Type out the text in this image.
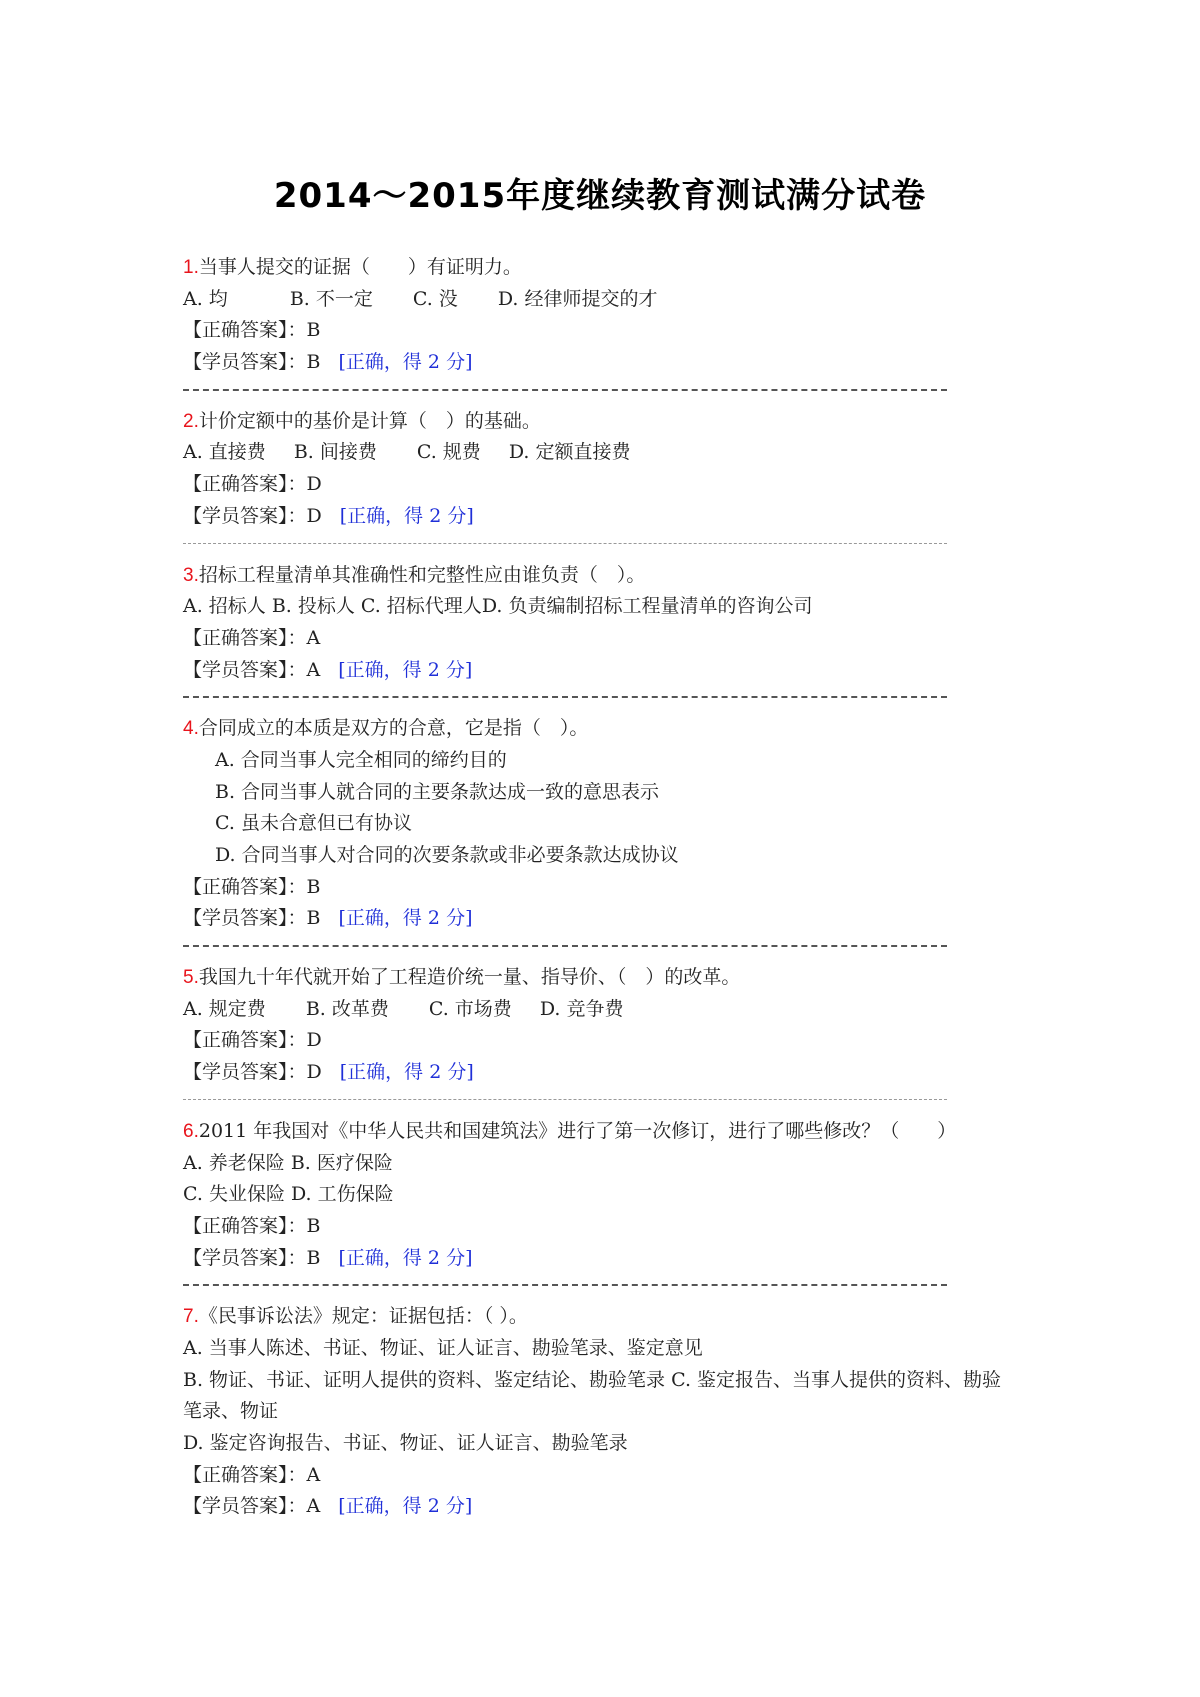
2014～2015年度继续教育测试满分试卷
1.当事人提交的证据（　　）有证明力。
A. 均	B. 不一定 C. 没 D. 经律师提交的才
【正确答案】：B
【学员答案】：B [正确，得 2 分]
2.计价定额中的基价是计算（　）的基础。
A. 直接费 B. 间接费 C. 规费 D. 定额直接费
【正确答案】：D
【学员答案】：D [正确，得 2 分]
3.招标工程量清单其准确性和完整性应由谁负责（　）。
A. 招标人 B. 投标人 C. 招标代理人D. 负责编制招标工程量清单的咨询公司
【正确答案】：A
【学员答案】：A [正确，得 2 分]
4.合同成立的本质是双方的合意，它是指（　）。
A. 合同当事人完全相同的缔约目的
B. 合同当事人就合同的主要条款达成一致的意思表示
C. 虽未合意但已有协议
D. 合同当事人对合同的次要条款或非必要条款达成协议
【正确答案】：B
【学员答案】：B [正确，得 2 分]
5.我国九十年代就开始了工程造价统一量、指导价、（　）的改革。
A. 规定费 B. 改革费 C. 市场费 D. 竞争费
【正确答案】：D
【学员答案】：D [正确，得 2 分]
6.2011 年我国对《中华人民共和国建筑法》进行了第一次修订，进行了哪些修改？（　　）
A. 养老保险 B. 医疗保险
C. 失业保险 D. 工伤保险
【正确答案】：B
【学员答案】：B [正确，得 2 分]
7.《民事诉讼法》规定：证据包括：（ ）。
A. 当事人陈述、书证、物证、证人证言、勘验笔录、鉴定意见
B. 物证、书证、证明人提供的资料、鉴定结论、勘验笔录 C. 鉴定报告、当事人提供的资料、勘验
笔录、物证
D. 鉴定咨询报告、书证、物证、证人证言、勘验笔录
【正确答案】：A
【学员答案】：A [正确，得 2 分]
